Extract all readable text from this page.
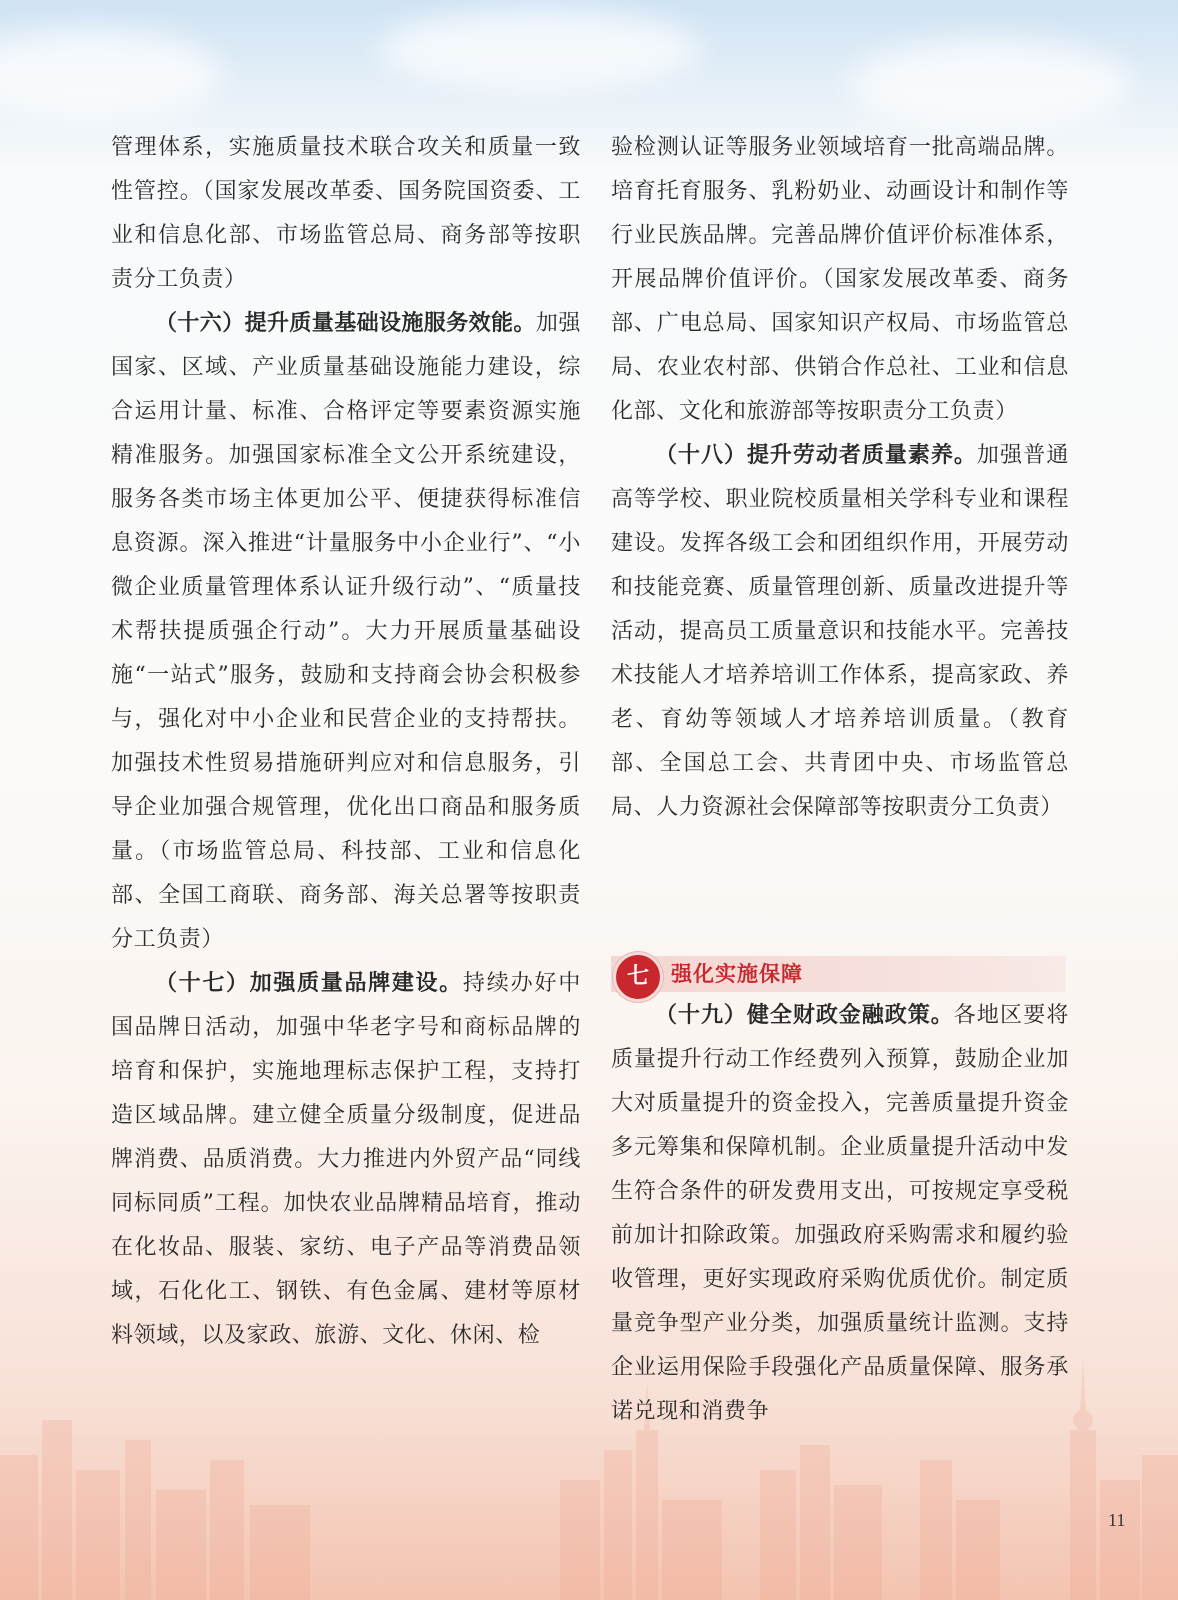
管理体系，实施质量技术联合攻关和质量一致性管控。（国家发展改革委、国务院国资委、工业和信息化部、市场监管总局、商务部等按职责分工负责）

（十六）提升质量基础设施服务效能。加强国家、区域、产业质量基础设施能力建设，综合运用计量、标准、合格评定等要素资源实施精准服务。加强国家标准全文公开系统建设，服务各类市场主体更加公平、便捷获得标准信息资源。深入推进“计量服务中小企业行”、“小微企业质量管理体系认证升级行动”、“质量技术帮扶提质强企行动”。大力开展质量基础设施“一站式”服务，鼓励和支持商会协会积极参与，强化对中小企业和民营企业的支持帮扶。加强技术性贸易措施研判应对和信息服务，引导企业加强合规管理，优化出口商品和服务质量。（市场监管总局、科技部、工业和信息化部、全国工商联、商务部、海关总署等按职责分工负责）

（十七）加强质量品牌建设。持续办好中国品牌日活动，加强中华老字号和商标品牌的培育和保护，实施地理标志保护工程，支持打造区域品牌。建立健全质量分级制度，促进品牌消费、品质消费。大力推进内外贸产品“同线同标同质”工程。加快农业品牌精品培育，推动在化妆品、服装、家纺、电子产品等消费品领域，石化化工、钢铁、有色金属、建材等原材料领域，以及家政、旅游、文化、休闲、检

验检测认证等服务业领域培育一批高端品牌。培育托育服务、乳粉奶业、动画设计和制作等行业民族品牌。完善品牌价值评价标准体系，开展品牌价值评价。（国家发展改革委、商务部、广电总局、国家知识产权局、市场监管总局、农业农村部、供销合作总社、工业和信息化部、文化和旅游部等按职责分工负责）

（十八）提升劳动者质量素养。加强普通高等学校、职业院校质量相关学科专业和课程建设。发挥各级工会和团组织作用，开展劳动和技能竞赛、质量管理创新、质量改进提升等活动，提高员工质量意识和技能水平。完善技术技能人才培养培训工作体系，提高家政、养老、育幼等领域人才培养培训质量。（教育部、全国总工会、共青团中央、市场监管总局、人力资源社会保障部等按职责分工负责）

七	强化实施保障

（十九）健全财政金融政策。各地区要将质量提升行动工作经费列入预算，鼓励企业加大对质量提升的资金投入，完善质量提升资金多元筹集和保障机制。企业质量提升活动中发生符合条件的研发费用支出，可按规定享受税前加计扣除政策。加强政府采购需求和履约验收管理，更好实现政府采购优质优价。制定质量竞争型产业分类，加强质量统计监测。支持企业运用保险手段强化产品质量保障、服务承诺兑现和消费争

11
